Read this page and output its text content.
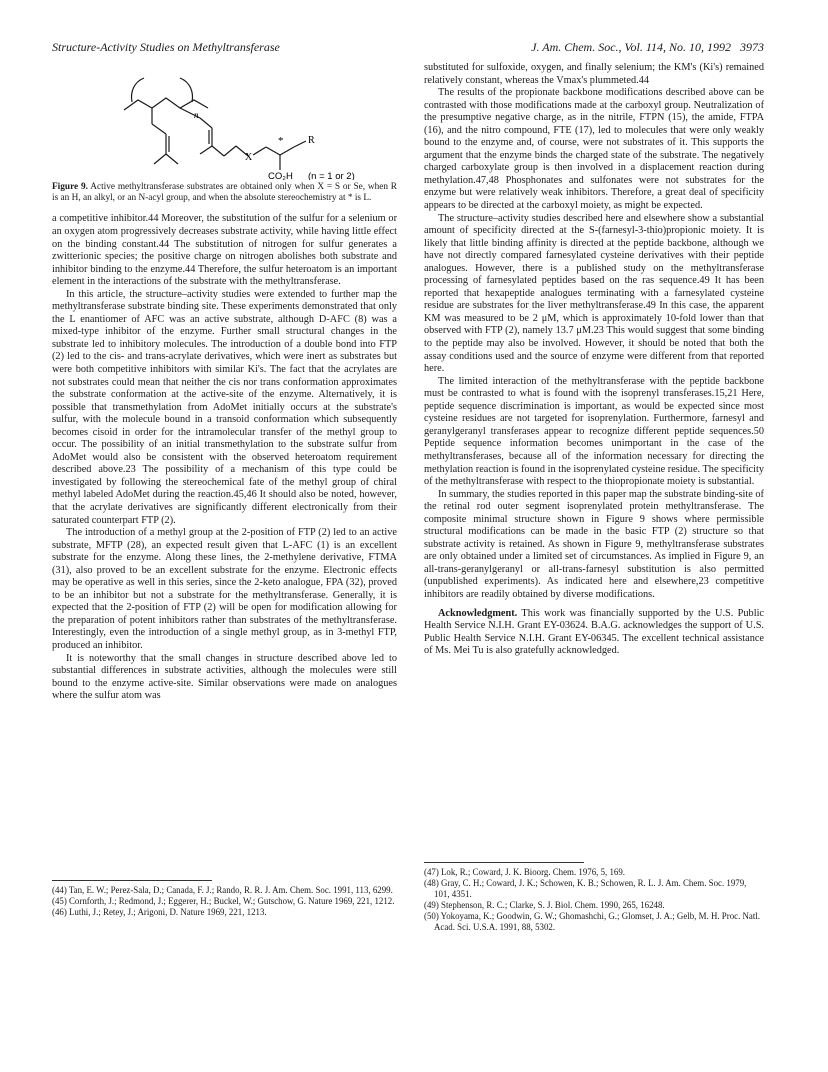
Structure-Activity Studies on Methyltransferase	J. Am. Chem. Soc., Vol. 114, No. 10, 1992 3973
n
X
* R
CO₂H (n = 1 or 2)
Figure 9. Active methyltransferase substrates are obtained only when X = S or Se, when R is an H, an alkyl, or an N-acyl group, and when the absolute stereochemistry at * is L.

a competitive inhibitor.44 Moreover, the substitution of the sulfur for a selenium or an oxygen atom progressively decreases substrate activity, while having little effect on the binding constant.44 The substitution of nitrogen for sulfur generates a zwitterionic species; the positive charge on nitrogen abolishes both substrate and inhibitor binding to the enzyme.44 Therefore, the sulfur heteroatom is an important element in the interactions of the substrate with the methyltransferase.

In this article, the structure–activity studies were extended to further map the methyltransferase substrate binding site. These experiments demonstrated that only the L enantiomer of AFC was an active substrate, although D-AFC (8) was a mixed-type inhibitor of the enzyme. Further small structural changes in the substrate led to inhibitory molecules. The introduction of a double bond into FTP (2) led to the cis- and trans-acrylate derivatives, which were inert as substrates but were both competitive inhibitors with similar Ki's. The fact that the acrylates are not substrates could mean that neither the cis nor trans conformation approximates the substrate conformation at the active-site of the enzyme. Alternatively, it is possible that transmethylation from AdoMet initially occurs at the substrate's sulfur, with the molecule bound in a transoid conformation which subsequently becomes cisoid in order for the intramolecular transfer of the methyl group to occur. The possibility of an initial transmethylation to the substrate sulfur from AdoMet would also be consistent with the observed heteroatom requirement described above.23 The possibility of a mechanism of this type could be investigated by following the stereochemical fate of the methyl group of chiral methyl labeled AdoMet during the reaction.45,46 It should also be noted, however, that the acrylate derivatives are significantly different electronically from their saturated counterpart FTP (2).

The introduction of a methyl group at the 2-position of FTP (2) led to an active substrate, MFTP (28), an expected result given that L-AFC (1) is an excellent substrate for the enzyme. Along these lines, the 2-methylene derivative, FTMA (31), also proved to be an excellent substrate for the enzyme. Electronic effects may be operative as well in this series, since the 2-keto analogue, FPA (32), proved to be an inhibitor but not a substrate for the methyltransferase. Generally, it is expected that the 2-position of FTP (2) will be open for modification allowing for the preparation of potent inhibitors rather than substrates of the methyltransferase. Interestingly, even the introduction of a single methyl group, as in 3-methyl FTP, produced an inhibitor.

It is noteworthy that the small changes in structure described above led to substantial differences in substrate activities, although the molecules were still bound to the enzyme active-site. Similar observations were made on analogues where the sulfur atom was

substituted for sulfoxide, oxygen, and finally selenium; the KM's (Ki's) remained relatively constant, whereas the Vmax's plummeted.44

The results of the propionate backbone modifications described above can be contrasted with those modifications made at the carboxyl group. Neutralization of the presumptive negative charge, as in the nitrile, FTPN (15), the amide, FTPA (16), and the nitro compound, FTE (17), led to molecules that were only weakly bound to the enzyme and, of course, were not substrates of it. This supports the argument that the enzyme binds the charged state of the substrate. The negatively charged carboxylate group is then involved in a displacement reaction during methylation.47,48 Phosphonates and sulfonates were not substrates for the enzyme but were relatively weak inhibitors. Therefore, a great deal of specificity appears to be directed at the carboxyl moiety, as might be expected.

The structure–activity studies described here and elsewhere show a substantial amount of specificity directed at the S-(farnesyl-3-thio)propionic moiety. It is likely that little binding affinity is directed at the peptide backbone, although we have not directly compared farnesylated cysteine derivatives with their peptide analogues. However, there is a published study on the methyltransferase processing of farnesylated peptides based on the ras sequence.49 It has been reported that hexapeptide analogues terminating with a farnesylated cysteine residue are substrates for the liver methyltransferase.49 In this case, the apparent KM was measured to be 2 μM, which is approximately 10-fold lower than that observed with FTP (2), namely 13.7 μM.23 This would suggest that some binding to the peptide may also be involved. However, it should be noted that both the assay conditions used and the source of enzyme were different from that reported here.

The limited interaction of the methyltransferase with the peptide backbone must be contrasted to what is found with the isoprenyl transferases.15,21 Here, peptide sequence discrimination is important, as would be expected since most cysteine residues are not targeted for isoprenylation. Furthermore, farnesyl and geranylgeranyl transferases appear to recognize different peptide sequences.50 Peptide sequence information becomes unimportant in the case of the methyltransferases, because all of the information necessary for directing the methylation reaction is found in the isoprenylated cysteine residue. The specificity of the methyltransferase with respect to the thiopropionate moiety is substantial.

In summary, the studies reported in this paper map the substrate binding-site of the retinal rod outer segment isoprenylated protein methyltransferase. The composite minimal structure shown in Figure 9 shows where permissible structural modifications can be made in the basic FTP (2) structure so that substrate activity is retained. As shown in Figure 9, methyltransferase substrates are only obtained under a limited set of circumstances. As implied in Figure 9, an all-trans-geranylgeranyl or all-trans-farnesyl substitution is also permitted (unpublished experiments). As indicated here and elsewhere,23 competitive inhibitors are readily obtained by diverse modifications.

Acknowledgment. This work was financially supported by the U.S. Public Health Service N.I.H. Grant EY-03624. B.A.G. acknowledges the support of U.S. Public Health Service N.I.H. Grant EY-06345. The excellent technical assistance of Ms. Mei Tu is also gratefully acknowledged.

(44) Tan, E. W.; Perez-Sala, D.; Canada, F. J.; Rando, R. R. J. Am. Chem. Soc. 1991, 113, 6299.

(45) Cornforth, J.; Redmond, J.; Eggerer, H.; Buckel, W.; Gutschow, G. Nature 1969, 221, 1212.

(46) Luthi, J.; Retey, J.; Arigoni, D. Nature 1969, 221, 1213.

(47) Lok, R.; Coward, J. K. Bioorg. Chem. 1976, 5, 169.

(48) Gray, C. H.; Coward, J. K.; Schowen, K. B.; Schowen, R. L. J. Am. Chem. Soc. 1979, 101, 4351.

(49) Stephenson, R. C.; Clarke, S. J. Biol. Chem. 1990, 265, 16248.

(50) Yokoyama, K.; Goodwin, G. W.; Ghomashchi, G.; Glomset, J. A.; Gelb, M. H. Proc. Natl. Acad. Sci. U.S.A. 1991, 88, 5302.
